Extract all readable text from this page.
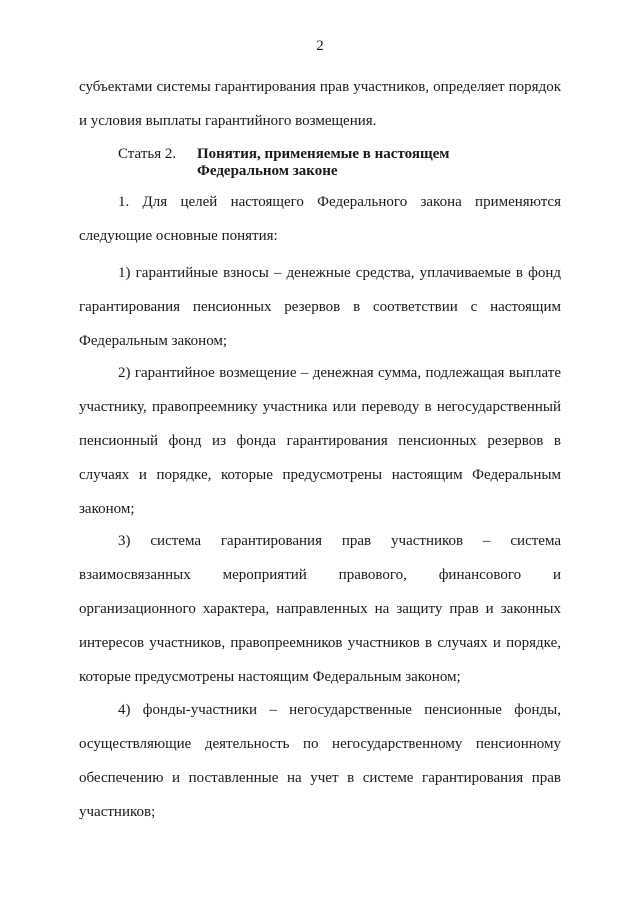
2
субъектами системы гарантирования прав участников, определяет порядок
и условия выплаты гарантийного возмещения.
Статья 2. Понятия, применяемые в настоящем
Федеральном законе
1. Для целей настоящего Федерального закона применяются
следующие основные понятия:
1) гарантийные взносы – денежные средства, уплачиваемые в фонд
гарантирования пенсионных резервов в соответствии с настоящим
Федеральным законом;
2) гарантийное возмещение – денежная сумма, подлежащая выплате
участнику, правопреемнику участника или переводу в негосударственный
пенсионный фонд из фонда гарантирования пенсионных резервов в
случаях и порядке, которые предусмотрены настоящим Федеральным
законом;
3) система гарантирования прав участников – система
взаимосвязанных мероприятий правового, финансового и
организационного характера, направленных на защиту прав и законных
интересов участников, правопреемников участников в случаях и порядке,
которые предусмотрены настоящим Федеральным законом;
4) фонды-участники – негосударственные пенсионные фонды,
осуществляющие деятельность по негосударственному пенсионному
обеспечению и поставленные на учет в системе гарантирования прав
участников;
